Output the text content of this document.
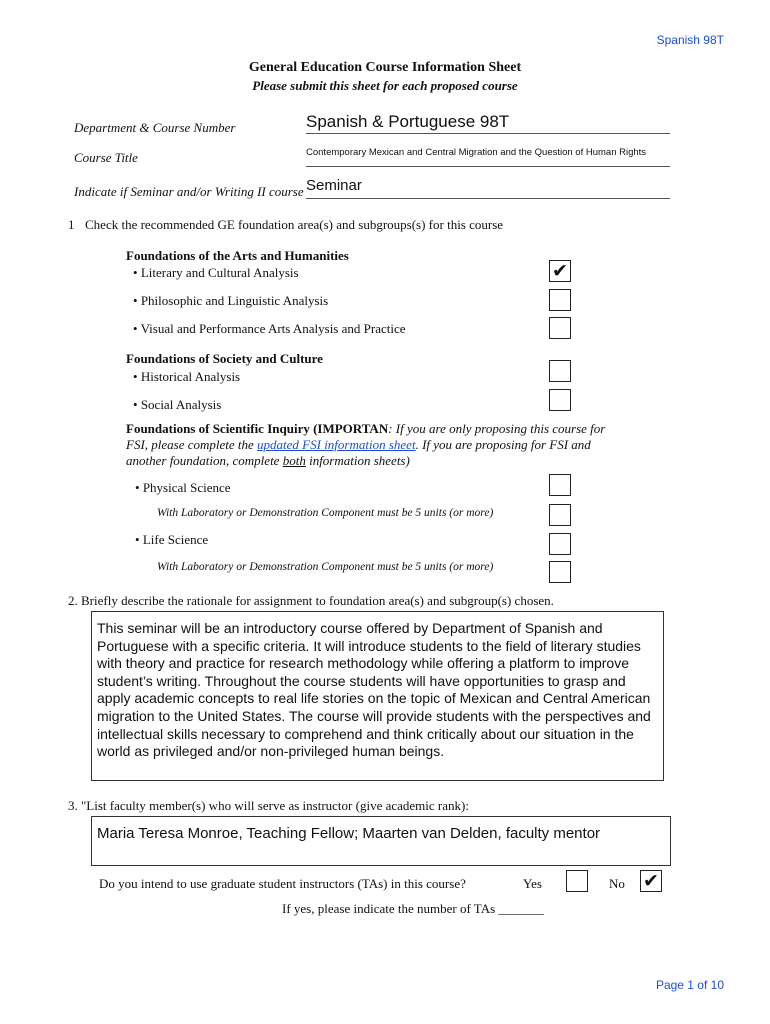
Spanish 98T
General Education Course Information Sheet
Please submit this sheet for each proposed course
Department & Course Number	Spanish & Portuguese 98T
Course Title	Contemporary Mexican and Central Migration and the Question of Human Rights
Indicate if Seminar and/or Writing II course Seminar
1 Check the recommended GE foundation area(s) and subgroups(s) for this course
Foundations of the Arts and Humanities
• Literary and Cultural Analysis	✔
• Philosophic and Linguistic Analysis
• Visual and Performance Arts Analysis and Practice
Foundations of Society and Culture
• Historical Analysis
• Social Analysis
Foundations of Scientific Inquiry (IMPORTAN: If you are only proposing this course for
FSI, please complete the updated FSI information sheet. If you are proposing for FSI and
another foundation, complete both information sheets)
• Physical Science
With Laboratory or Demonstration Component must be 5 units (or more)
• Life Science
With Laboratory or Demonstration Component must be 5 units (or more)
2. Briefly describe the rationale for assignment to foundation area(s) and subgroup(s) chosen.
This seminar will be an introductory course offered by Department of Spanish and Portuguese with a specific criteria. It will introduce students to the field of literary studies with theory and practice for research methodology while offering a platform to improve student’s writing. Throughout the course students will have opportunities to grasp and apply academic concepts to real life stories on the topic of Mexican and Central American migration to the United States. The course will provide students with the perspectives and intellectual skills necessary to comprehend and think critically about our situation in the world as privileged and/or non-privileged human beings.
3. "List faculty member(s) who will serve as instructor (give academic rank):
Maria Teresa Monroe, Teaching Fellow; Maarten van Delden, faculty mentor
Do you intend to use graduate student instructors (TAs) in this course?	Yes	No ✔
If yes, please indicate the number of TAs _______
Page 1 of 10
